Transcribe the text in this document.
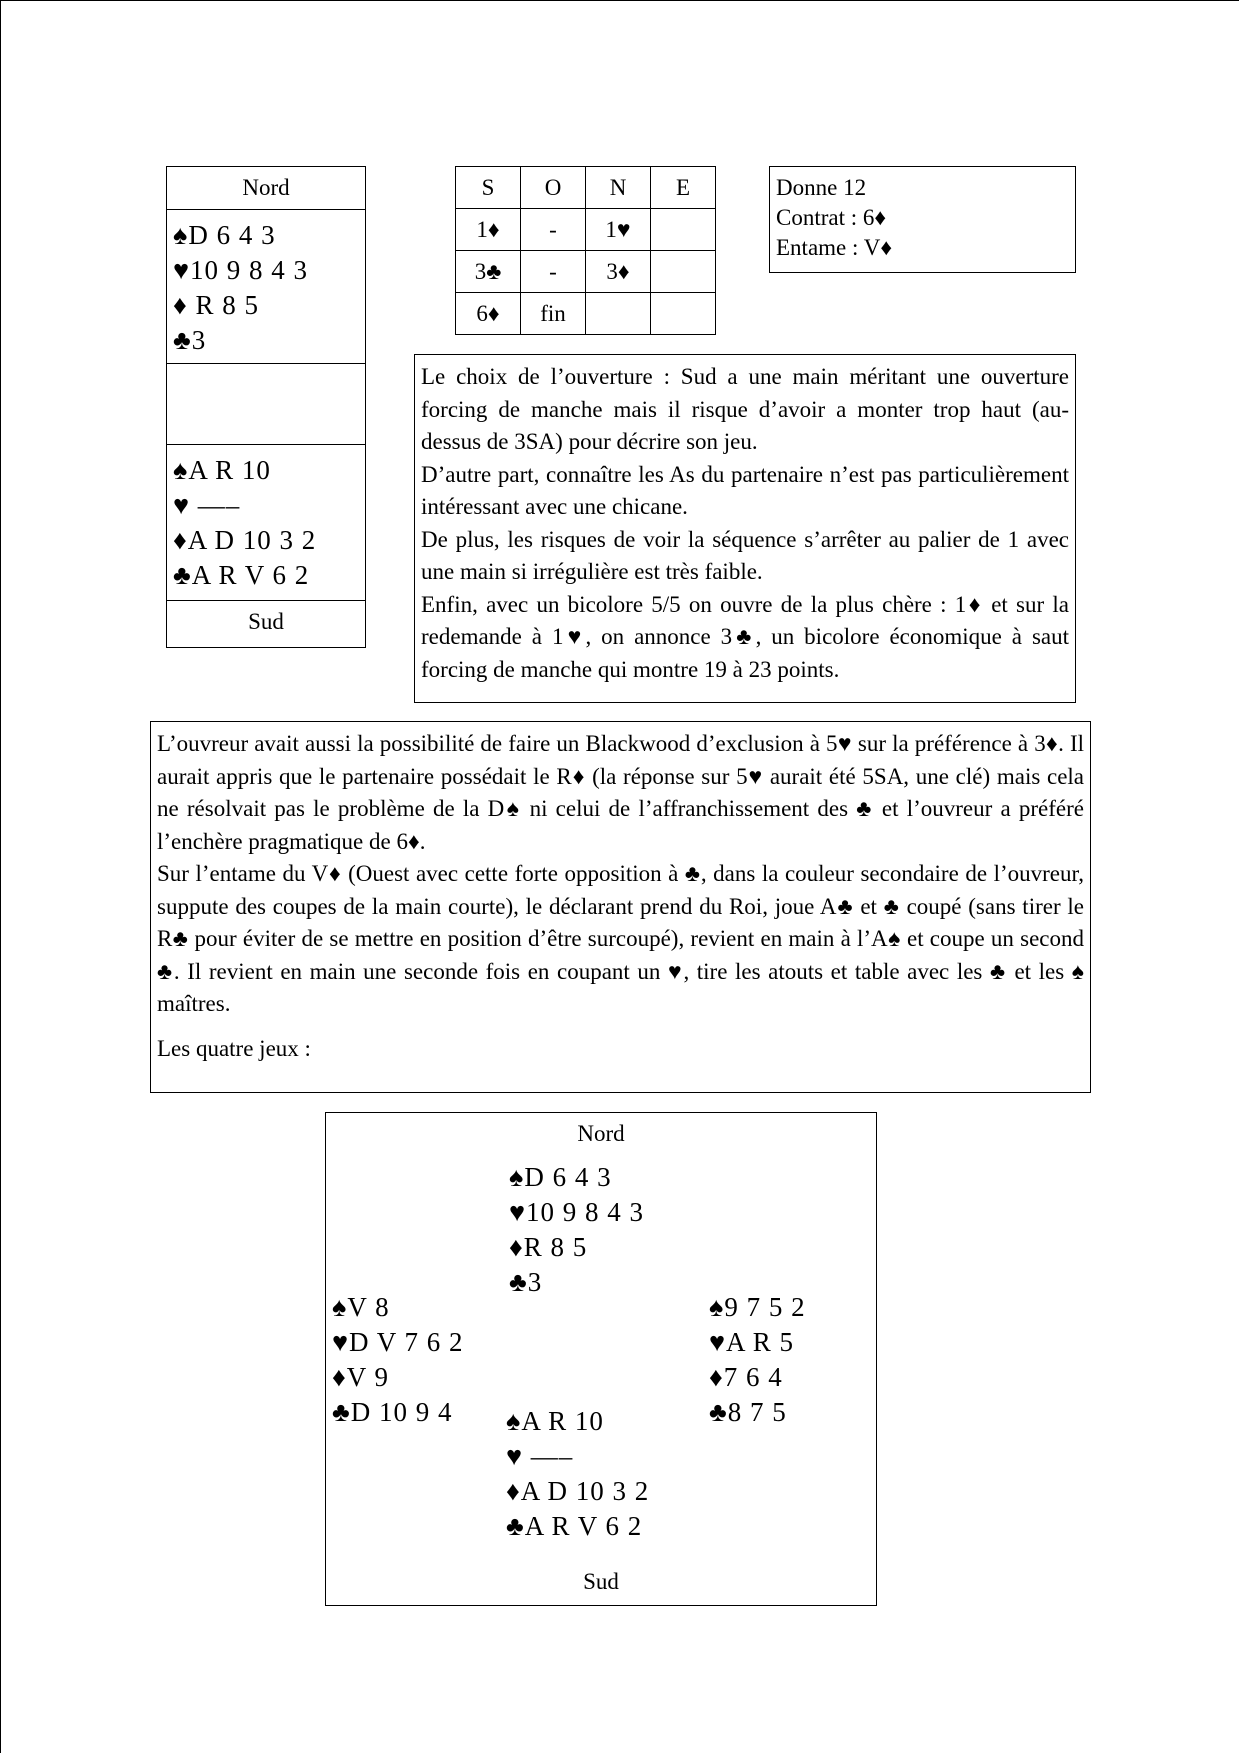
Nord
♠D 6 4 3
♥10 9 8 4 3
♦ R 8 5
♣3
♠A R 10
♥ —–
♦A D 10 3 2
♣A R V 6 2
Sud
S	O	N	E
1♦	-	1♥	
3♣	-	3♦	
6♦	fin		
Donne 12
Contrat : 6♦
Entame : V♦

Le choix de l’ouverture : Sud a une main méritant une ouverture forcing de manche mais il risque d’avoir a monter trop haut (au-dessus de 3SA) pour décrire son jeu.

D’autre part, connaître les As du partenaire n’est pas particulièrement intéressant avec une chicane.

De plus, les risques de voir la séquence s’arrêter au palier de 1 avec une main si irrégulière est très faible.

Enfin, avec un bicolore 5/5 on ouvre de la plus chère : 1♦ et sur la redemande à 1♥, on annonce 3♣, un bicolore économique à saut forcing de manche qui montre 19 à 23 points.

L’ouvreur avait aussi la possibilité de faire un Blackwood d’exclusion à 5♥ sur la préférence à 3♦. Il aurait appris que le partenaire possédait le R♦ (la réponse sur 5♥ aurait été 5SA, une clé) mais cela ne résolvait pas le problème de la D♠ ni celui de l’affranchissement des ♣ et l’ouvreur a préféré l’enchère pragmatique de 6♦.

Sur l’entame du V♦ (Ouest avec cette forte opposition à ♣, dans la couleur secondaire de l’ouvreur, suppute des coupes de la main courte), le déclarant prend du Roi, joue A♣ et ♣ coupé (sans tirer le R♣ pour éviter de se mettre en position d’être surcoupé), revient en main à l’A♠ et coupe un second ♣. Il revient en main une seconde fois en coupant un ♥, tire les atouts et table avec les ♣ et les ♠ maîtres.

Les quatre jeux :

Nord
♠D 6 4 3
♥10 9 8 4 3
♦R 8 5
♣3
♠V 8
♥D V 7 6 2
♦V 9
♣D 10 9 4
♠9 7 5 2
♥A R 5
♦7 6 4
♣8 7 5
♠A R 10
♥ —–
♦A D 10 3 2
♣A R V 6 2
Sud
